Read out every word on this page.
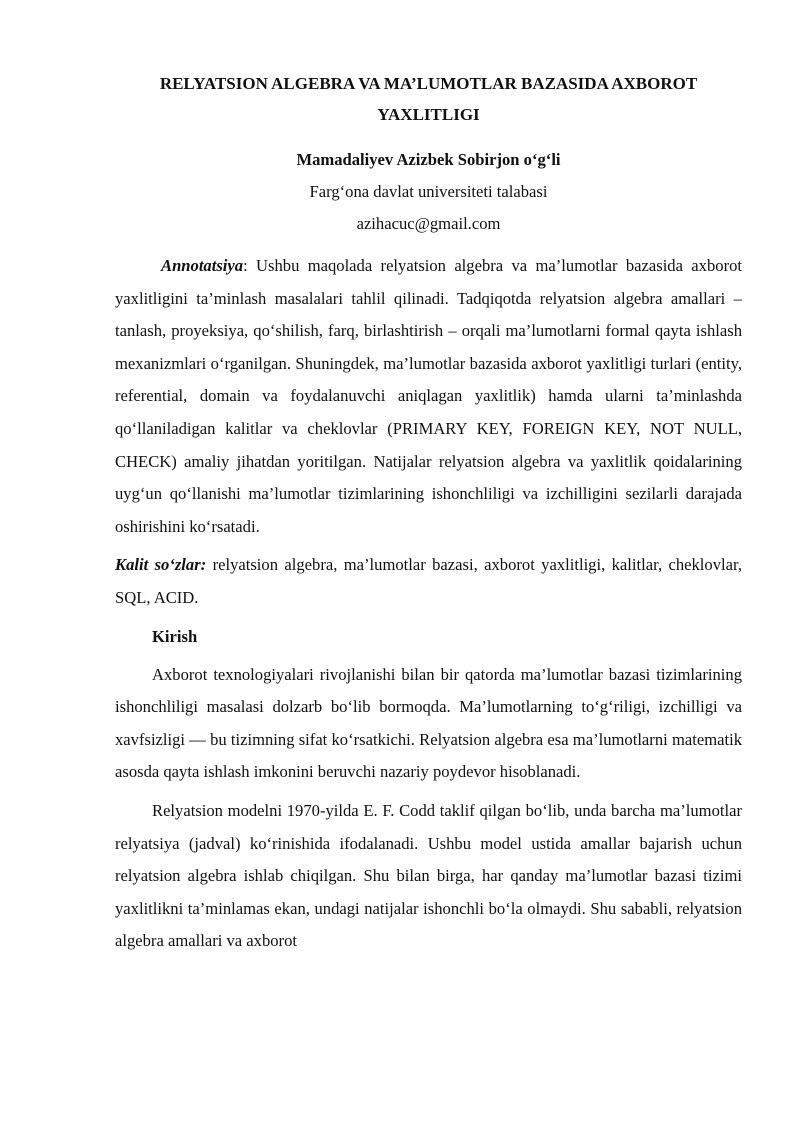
RELYATSION ALGEBRA VA MA’LUMOTLAR BAZASIDA AXBOROT
YAXLITLIGI

Mamadaliyev Azizbek Sobirjon o‘g‘li

Farg‘ona davlat universiteti talabasi

azihacuc@gmail.com

Annotatsiya: Ushbu maqolada relyatsion algebra va ma’lumotlar bazasida axborot yaxlitligini ta’minlash masalalari tahlil qilinadi. Tadqiqotda relyatsion algebra amallari – tanlash, proyeksiya, qo‘shilish, farq, birlashtirish – orqali ma’lumotlarni formal qayta ishlash mexanizmlari o‘rganilgan. Shuningdek, ma’lumotlar bazasida axborot yaxlitligi turlari (entity, referential, domain va foydalanuvchi aniqlagan yaxlitlik) hamda ularni ta’minlashda qo‘llaniladigan kalitlar va cheklovlar (PRIMARY KEY, FOREIGN KEY, NOT NULL, CHECK) amaliy jihatdan yoritilgan. Natijalar relyatsion algebra va yaxlitlik qoidalarining uyg‘un qo‘llanishi ma’lumotlar tizimlarining ishonchliligi va izchilligini sezilarli darajada oshirishini ko‘rsatadi.

Kalit so‘zlar: relyatsion algebra, ma’lumotlar bazasi, axborot yaxlitligi, kalitlar, cheklovlar, SQL, ACID.

Kirish

Axborot texnologiyalari rivojlanishi bilan bir qatorda ma’lumotlar bazasi tizimlarining ishonchliligi masalasi dolzarb bo‘lib bormoqda. Ma’lumotlarning to‘g‘riligi, izchilligi va xavfsizligi — bu tizimning sifat ko‘rsatkichi. Relyatsion algebra esa ma’lumotlarni matematik asosda qayta ishlash imkonini beruvchi nazariy poydevor hisoblanadi.

Relyatsion modelni 1970-yilda E. F. Codd taklif qilgan bo‘lib, unda barcha ma’lumotlar relyatsiya (jadval) ko‘rinishida ifodalanadi. Ushbu model ustida amallar bajarish uchun relyatsion algebra ishlab chiqilgan. Shu bilan birga, har qanday ma’lumotlar bazasi tizimi yaxlitlikni ta’minlamas ekan, undagi natijalar ishonchli bo‘la olmaydi. Shu sababli, relyatsion algebra amallari va axborot
